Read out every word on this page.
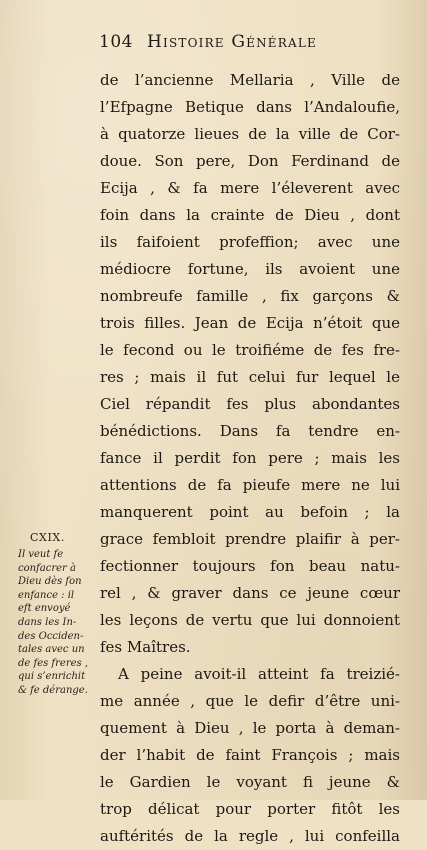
104 Histoire Générale
CXIX.
Il veut fe
confacrer à
Dieu dès fon
enfance : il
eft envoyé
dans les In-
des Occiden-
tales avec un
de fes freres ,
qui s’enrichit
& fe dérange.
de l’ancienne Mellaria , Ville de
l’Efpagne Betique dans l’Andaloufie,
à quatorze lieues de la ville de Cor-
doue. Son pere, Don Ferdinand de
Ecija , & fa mere l’éleverent avec
foin dans la crainte de Dieu , dont
ils faifoient profeffion; avec une
médiocre fortune, ils avoient une
nombreufe famille , fix garçons &
trois filles. Jean de Ecija n’étoit que
le fecond ou le troifiéme de fes fre-
res ; mais il fut celui fur lequel le
Ciel répandit fes plus abondantes
bénédictions. Dans fa tendre en-
fance il perdit fon pere ; mais les
attentions de fa pieufe mere ne lui
manquerent point au befoin ; la
grace fembloit prendre plaifir à per-
fectionner toujours fon beau natu-
rel , & graver dans ce jeune cœur
les leçons de vertu que lui donnoient
fes Maîtres.
A peine avoit-il atteint fa treizié-
me année , que le defir d’être uni-
quement à Dieu , le porta à deman-
der l’habit de faint François ; mais
le Gardien le voyant fi jeune &
trop délicat pour porter fitôt les
auftérités de la regle , lui confeilla
